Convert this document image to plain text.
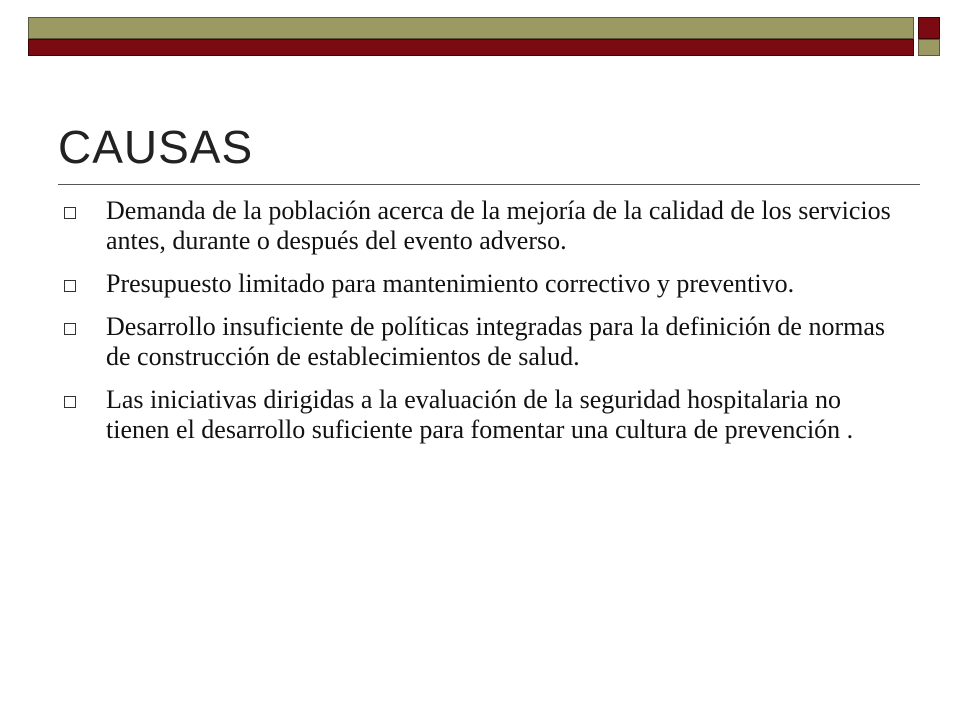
CAUSAS
Demanda de la población acerca de la mejoría de la calidad de los servicios antes, durante o después del evento adverso.
Presupuesto limitado para mantenimiento correctivo y preventivo.
Desarrollo insuficiente de políticas integradas para la definición de normas de construcción de establecimientos de salud.
Las iniciativas dirigidas a la evaluación de la seguridad hospitalaria no tienen el desarrollo suficiente para fomentar una cultura de prevención .
